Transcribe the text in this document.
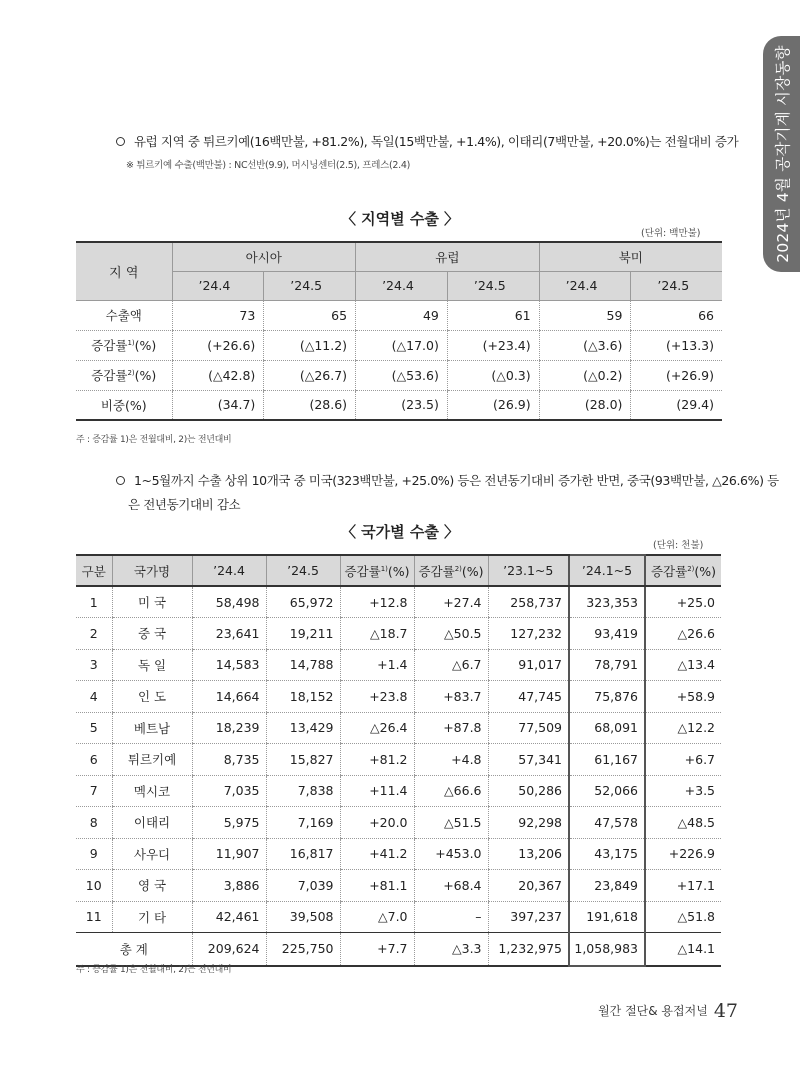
2024년 4월 공작기계 시장동향
유럽 지역 중 튀르키예(16백만불, +81.2%), 독일(15백만불, +1.4%), 이태리(7백만불, +20.0%)는 전월대비 증가
※ 튀르키예 수출(백만불) : NC선반(9.9), 머시닝센터(2.5), 프레스(2.4)
〈 지역별 수출 〉
(단위: 백만불)
지 역	아시아		유럽		북미	
	’24.4	’24.5	’24.4	’24.5	’24.4	’24.5
수출액	73	65	49	61	59	66
증감률$^{1)}$(%)	(+26.6)	(△11.2)	(△17.0)	(+23.4)	(△3.6)	(+13.3)
증감률$^{2)}$(%)	(△42.8)	(△26.7)	(△53.6)	(△0.3)	(△0.2)	(+26.9)
비중(%)	(34.7)	(28.6)	(23.5)	(26.9)	(28.0)	(29.4)
주 : 증감률 1)은 전월대비, 2)는 전년대비
1~5월까지 수출 상위 10개국 중 미국(323백만불, +25.0%) 등은 전년동기대비 증가한 반면, 중국(93백만불, △26.6%) 등
은 전년동기대비 감소
〈 국가별 수출 〉
(단위: 천불)
구분	국가명	’24.4	’24.5	증감률$^{1)}$(%)	증감률$^{2)}$(%)	’23.1~5	’24.1~5	증감률$^{2)}$(%)
1	미 국	58,498	65,972	+12.8	+27.4	258,737	323,353	+25.0
2	중 국	23,641	19,211	△18.7	△50.5	127,232	93,419	△26.6
3	독 일	14,583	14,788	+1.4	△6.7	91,017	78,791	△13.4
4	인 도	14,664	18,152	+23.8	+83.7	47,745	75,876	+58.9
5	베트남	18,239	13,429	△26.4	+87.8	77,509	68,091	△12.2
6	튀르키예	8,735	15,827	+81.2	+4.8	57,341	61,167	+6.7
7	멕시코	7,035	7,838	+11.4	△66.6	50,286	52,066	+3.5
8	이태리	5,975	7,169	+20.0	△51.5	92,298	47,578	△48.5
9	사우디	11,907	16,817	+41.2	+453.0	13,206	43,175	+226.9
10	영 국	3,886	7,039	+81.1	+68.4	20,367	23,849	+17.1
11	기 타	42,461	39,508	△7.0	–	397,237	191,618	△51.8
총 계		209,624	225,750	+7.7	△3.3	1,232,975	1,058,983	△14.1
주 : 증감률 1)은 전월대비, 2)는 전년대비
월간 절단& 용접저널 47
